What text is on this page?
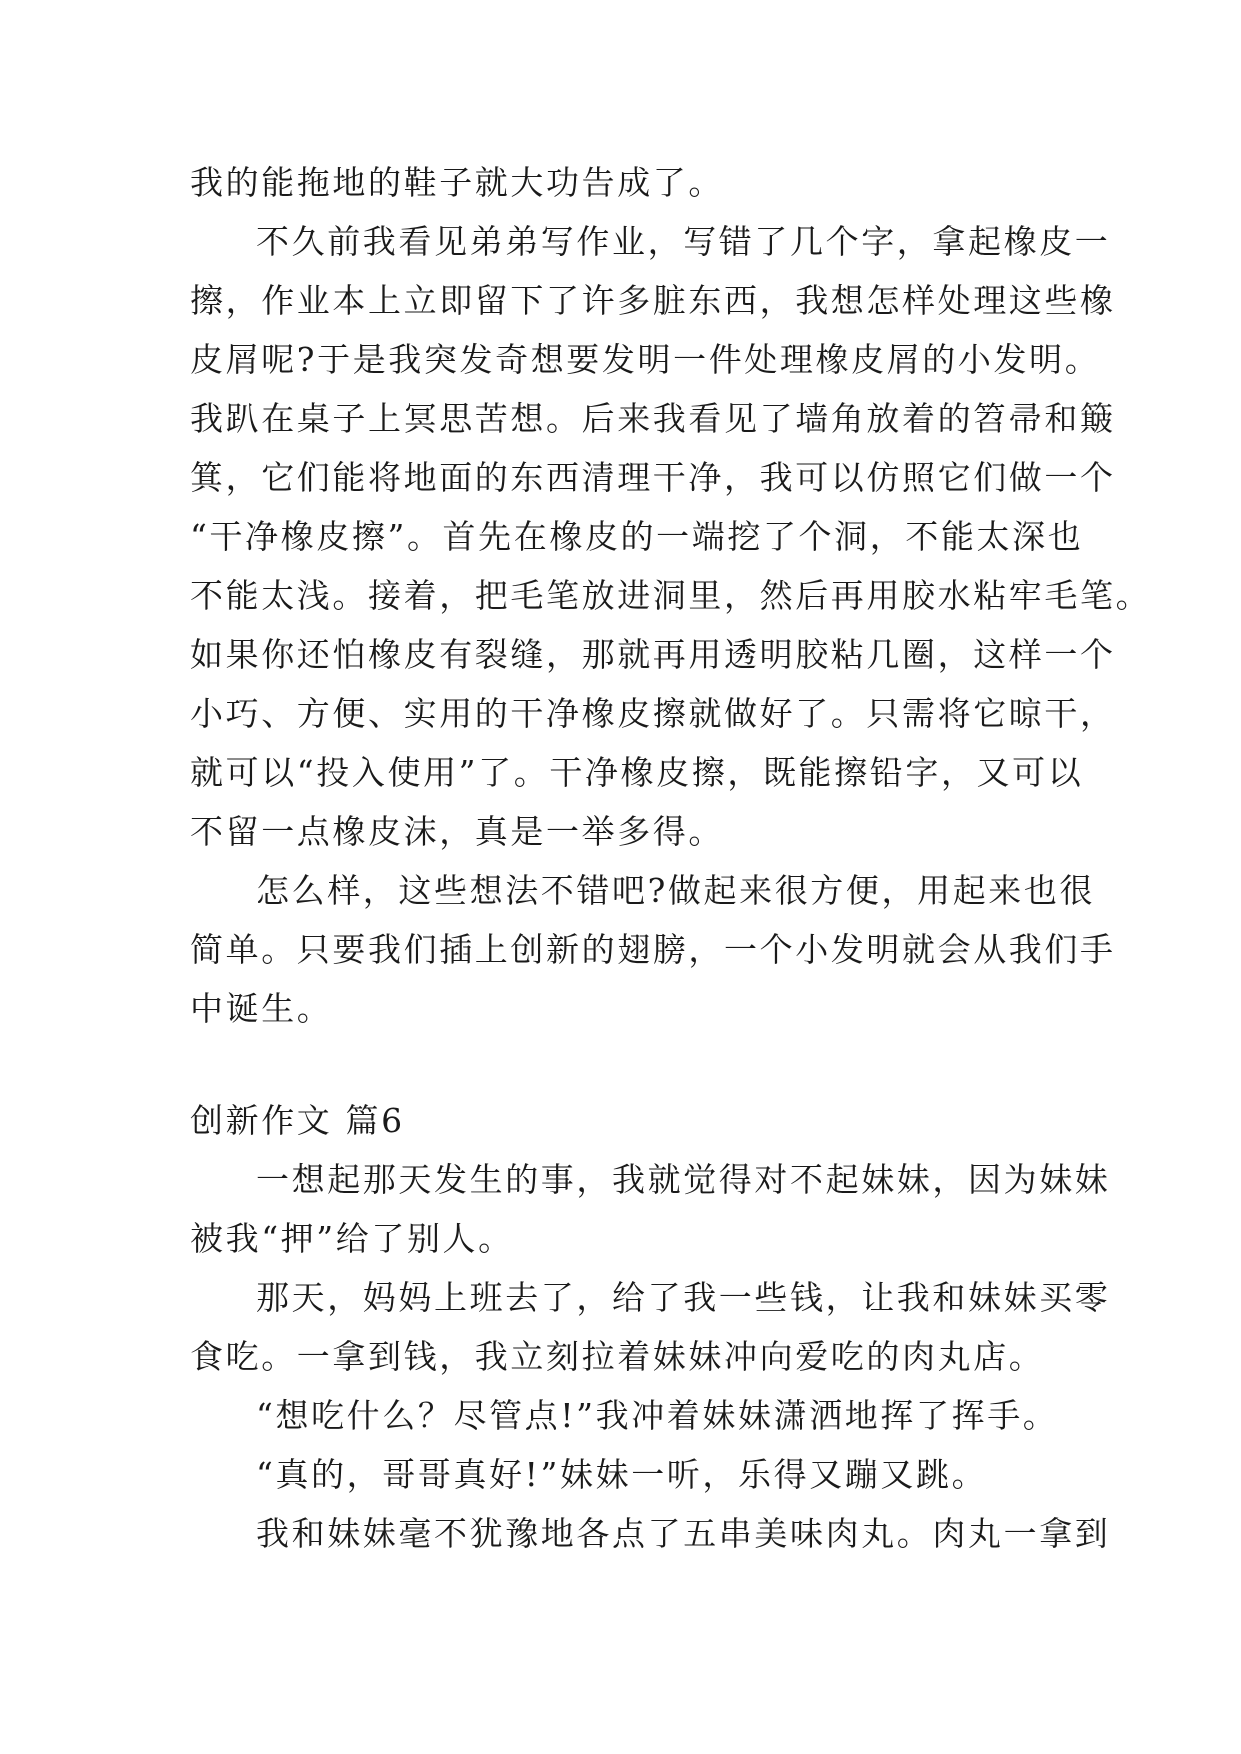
我的能拖地的鞋子就大功告成了。
不久前我看见弟弟写作业，写错了几个字，拿起橡皮一
擦，作业本上立即留下了许多脏东西，我想怎样处理这些橡
皮屑呢?于是我突发奇想要发明一件处理橡皮屑的小发明。
我趴在桌子上冥思苦想。后来我看见了墙角放着的笤帚和簸
箕，它们能将地面的东西清理干净，我可以仿照它们做一个
“干净橡皮擦”。首先在橡皮的一端挖了个洞，不能太深也
不能太浅。接着，把毛笔放进洞里，然后再用胶水粘牢毛笔。
如果你还怕橡皮有裂缝，那就再用透明胶粘几圈，这样一个
小巧、方便、实用的干净橡皮擦就做好了。只需将它晾干，
就可以“投入使用”了。干净橡皮擦，既能擦铅字，又可以
不留一点橡皮沫，真是一举多得。
怎么样，这些想法不错吧?做起来很方便，用起来也很
简单。只要我们插上创新的翅膀，一个小发明就会从我们手
中诞生。
创新作文 篇6
一想起那天发生的事，我就觉得对不起妹妹，因为妹妹
被我“押”给了别人。
那天，妈妈上班去了，给了我一些钱，让我和妹妹买零
食吃。一拿到钱，我立刻拉着妹妹冲向爱吃的肉丸店。
“想吃什么？尽管点!”我冲着妹妹潇洒地挥了挥手。
“真的，哥哥真好!”妹妹一听，乐得又蹦又跳。
我和妹妹毫不犹豫地各点了五串美味肉丸。肉丸一拿到
